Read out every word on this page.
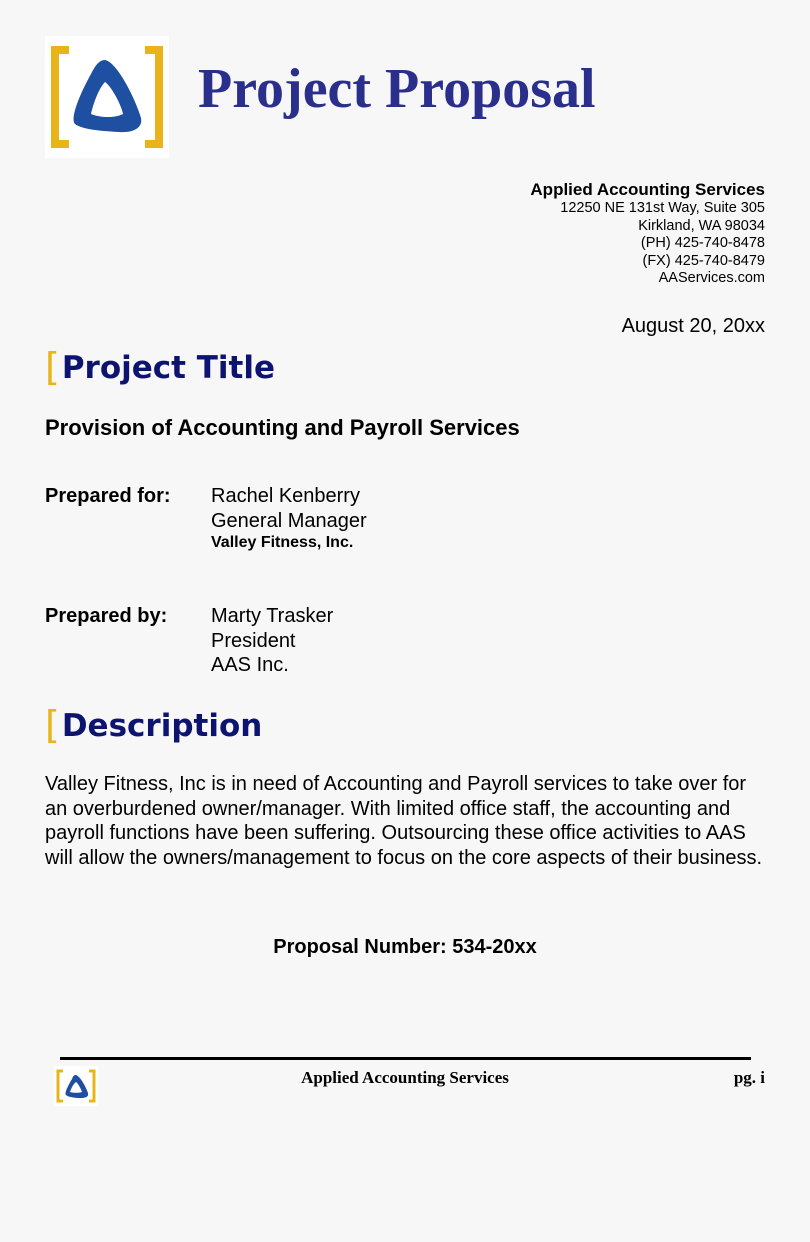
Project Proposal
Applied Accounting Services
12250 NE 131st Way, Suite 305
Kirkland, WA 98034
(PH) 425-740-8478
(FX) 425-740-8479
AAServices.com
August 20, 20xx
[ Project Title
Provision of Accounting and Payroll Services
Prepared for: Rachel Kenberry
General Manager
Valley Fitness, Inc.
Prepared by: Marty Trasker
President
AAS Inc.
[ Description
Valley Fitness, Inc is in need of Accounting and Payroll services to take over for an overburdened owner/manager. With limited office staff, the accounting and payroll functions have been suffering. Outsourcing these office activities to AAS will allow the owners/management to focus on the core aspects of their business.
Proposal Number: 534-20xx
Applied Accounting Services	pg. i
